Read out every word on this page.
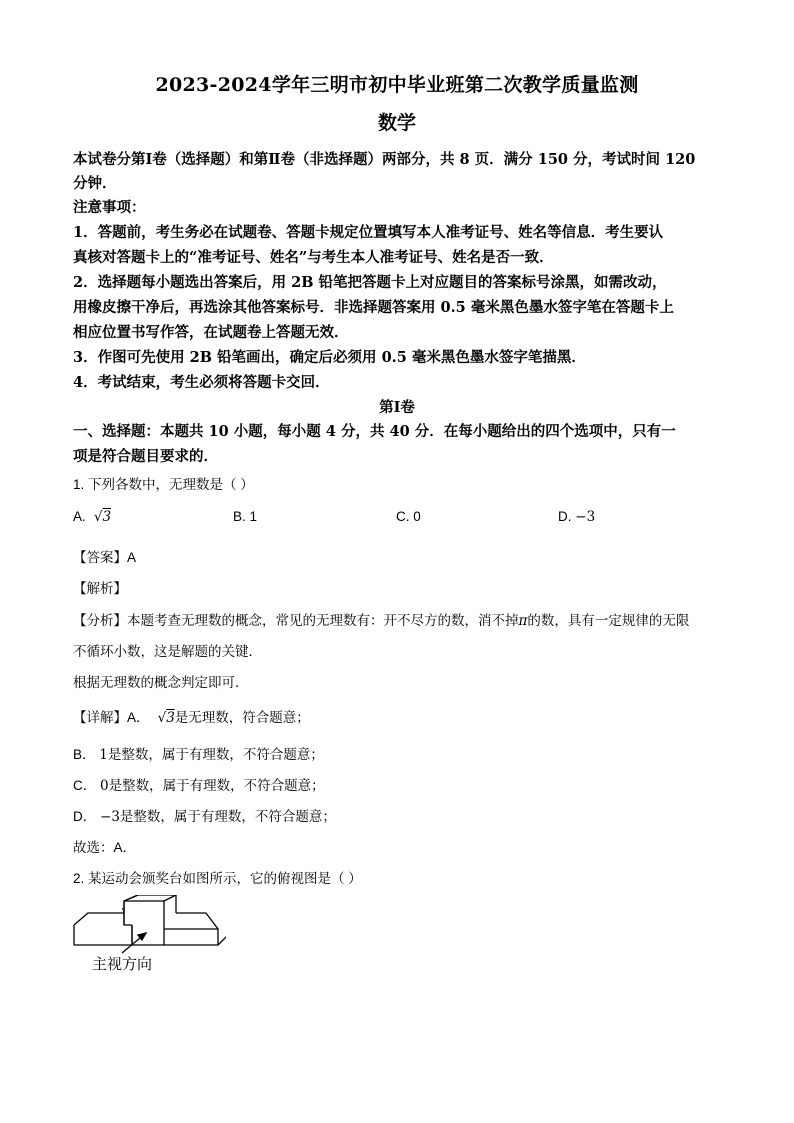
2023-2024学年三明市初中毕业班第二次教学质量监测
数学
本试卷分第Ⅰ卷（选择题）和第Ⅱ卷（非选择题）两部分，共 8 页．满分 150 分，考试时间 120
分钟．
注意事项：
1．答题前，考生务必在试题卷、答题卡规定位置填写本人准考证号、姓名等信息．考生要认
真核对答题卡上的“准考证号、姓名”与考生本人准考证号、姓名是否一致．
2．选择题每小题选出答案后，用 2B 铅笔把答题卡上对应题目的答案标号涂黑，如需改动，
用橡皮擦干净后，再选涂其他答案标号．非选择题答案用 0.5 毫米黑色墨水签字笔在答题卡上
相应位置书写作答，在试题卷上答题无效．
3．作图可先使用 2B 铅笔画出，确定后必须用 0.5 毫米黑色墨水签字笔描黑．
4．考试结束，考生必须将答题卡交回．
第Ⅰ卷
一、选择题：本题共 10 小题，每小题 4 分，共 40 分．在每小题给出的四个选项中，只有一
项是符合题目要求的．
1. 下列各数中，无理数是（ ）
A.  √3	B. 1	C. 0	D. −3
【答案】A
【解析】
【分析】本题考查无理数的概念，常见的无理数有：开不尽方的数，消不掉π的数，具有一定规律的无限
不循环小数，这是解题的关键．
根据无理数的概念判定即可．
【详解】A．  √3是无理数，符合题意；
B． 1是整数，属于有理数，不符合题意；
C． 0是整数，属于有理数，不符合题意；
D． −3是整数，属于有理数，不符合题意；
故选：A．
2. 某运动会颁奖台如图所示，它的俯视图是（ ）
主视方向
